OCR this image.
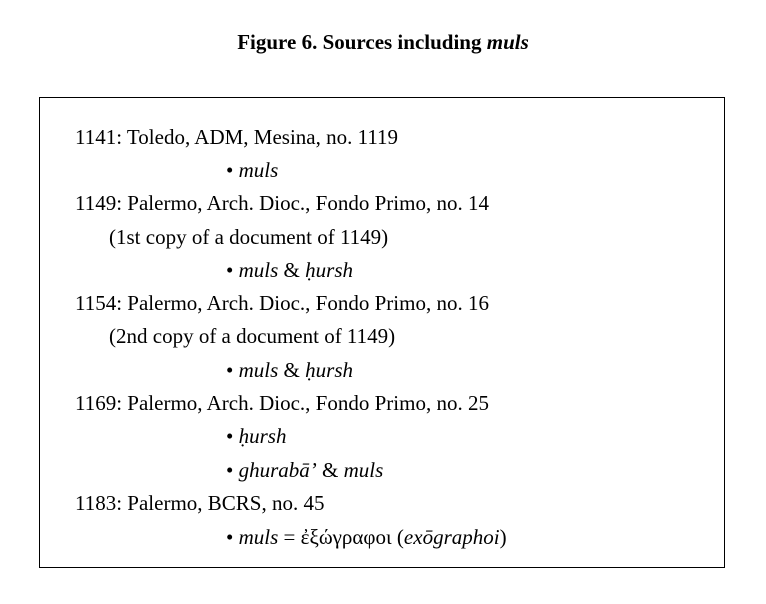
Figure 6. Sources including muls
1141: Toledo, ADM, Mesina, no. 1119
• muls
1149: Palermo, Arch. Dioc., Fondo Primo, no. 14
(1st copy of a document of 1149)
• muls & ḥursh
1154: Palermo, Arch. Dioc., Fondo Primo, no. 16
(2nd copy of a document of 1149)
• muls & ḥursh
1169: Palermo, Arch. Dioc., Fondo Primo, no. 25
• ḥursh
• ghurabā’ & muls
1183: Palermo, BCRS, no. 45
• muls = ἐξώγραφοι (exōgraphoi)
